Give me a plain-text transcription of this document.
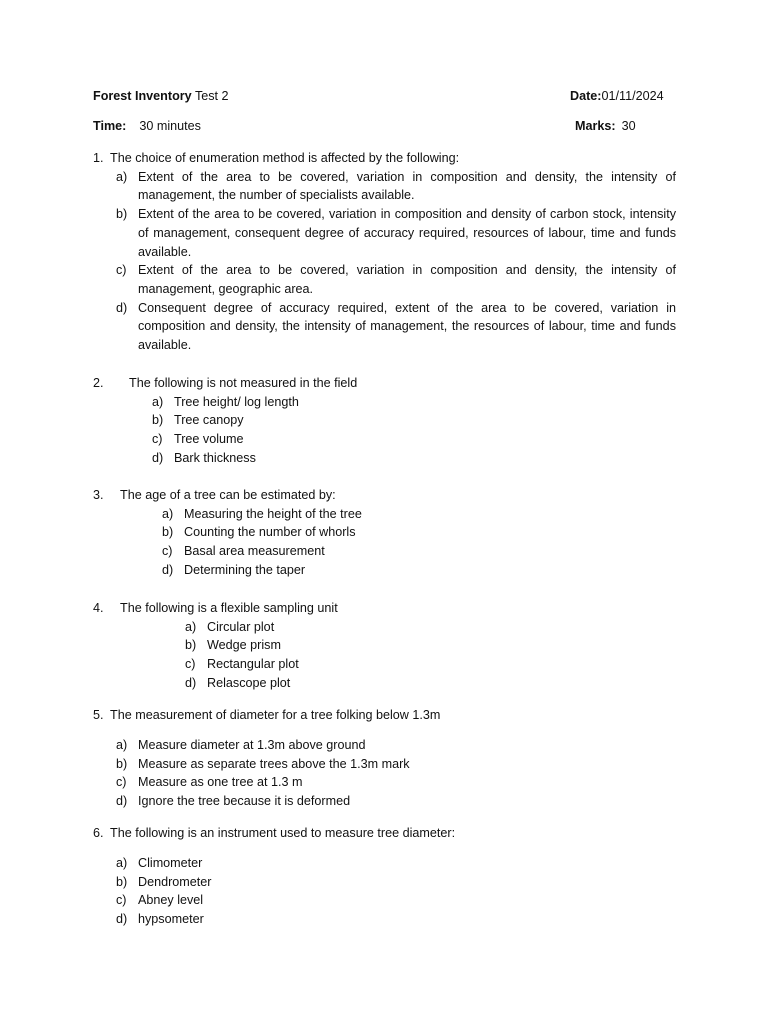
Forest Inventory Test 2	Date:01/11/2024
Time: 30 minutes	Marks: 30
1. The choice of enumeration method is affected by the following:
a) Extent of the area to be covered, variation in composition and density, the intensity of management, the number of specialists available.
b) Extent of the area to be covered, variation in composition and density of carbon stock, intensity of management, consequent degree of accuracy required, resources of labour, time and funds available.
c) Extent of the area to be covered, variation in composition and density, the intensity of management, geographic area.
d) Consequent degree of accuracy required, extent of the area to be covered, variation in composition and density, the intensity of management, the resources of labour, time and funds available.
2. The following is not measured in the field
a) Tree height/ log length
b) Tree canopy
c) Tree volume
d) Bark thickness
3. The age of a tree can be estimated by:
a) Measuring the height of the tree
b) Counting the number of whorls
c) Basal area measurement
d) Determining the taper
4. The following is a flexible sampling unit
a) Circular plot
b) Wedge prism
c) Rectangular plot
d) Relascope plot
5. The measurement of diameter for a tree folking below 1.3m
a) Measure diameter at 1.3m above ground
b) Measure as separate trees above the 1.3m mark
c) Measure as one tree at 1.3 m
d) Ignore the tree because it is deformed
6. The following is an instrument used to measure tree diameter:
a) Climometer
b) Dendrometer
c) Abney level
d) hypsometer
